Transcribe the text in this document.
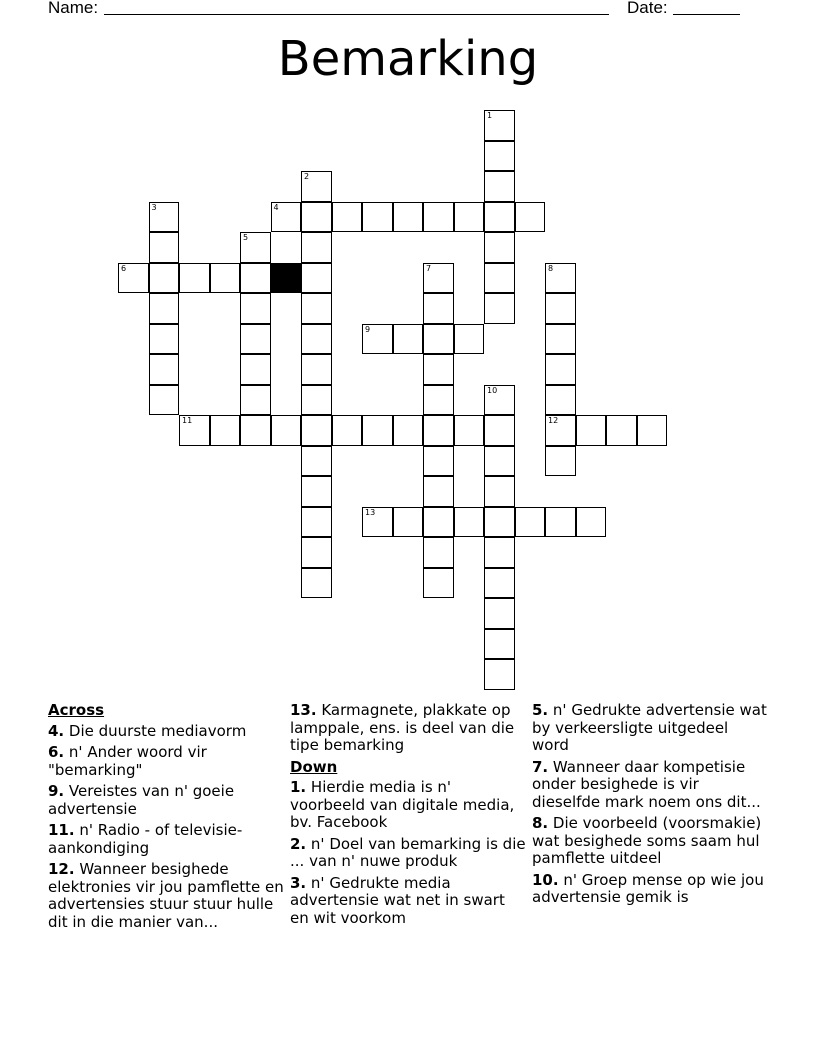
Name:	Date:
Bemarking
1
2
3	4
5
6	7	8
12
9
10
11
13
Across
4. Die duurste mediavorm
6. n' Ander woord vir "bemarking"
9. Vereistes van n' goeie advertensie
11. n' Radio - of televisie-aankondiging
12. Wanneer besighede elektronies vir jou pamflette en advertensies stuur stuur hulle dit in die manier van...
13. Karmagnete, plakkate op lamppale, ens. is deel van die tipe bemarking
Down
1. Hierdie media is n' voorbeeld van digitale media, bv. Facebook
2. n' Doel van bemarking is die ... van n' nuwe produk
3. n' Gedrukte media advertensie wat net in swart en wit voorkom
5. n' Gedrukte advertensie wat by verkeersligte uitgedeel word
7. Wanneer daar kompetisie onder besighede is vir dieselfde mark noem ons dit...
8. Die voorbeeld (voorsmakie) wat besighede soms saam hul pamflette uitdeel
10. n' Groep mense op wie jou advertensie gemik is
